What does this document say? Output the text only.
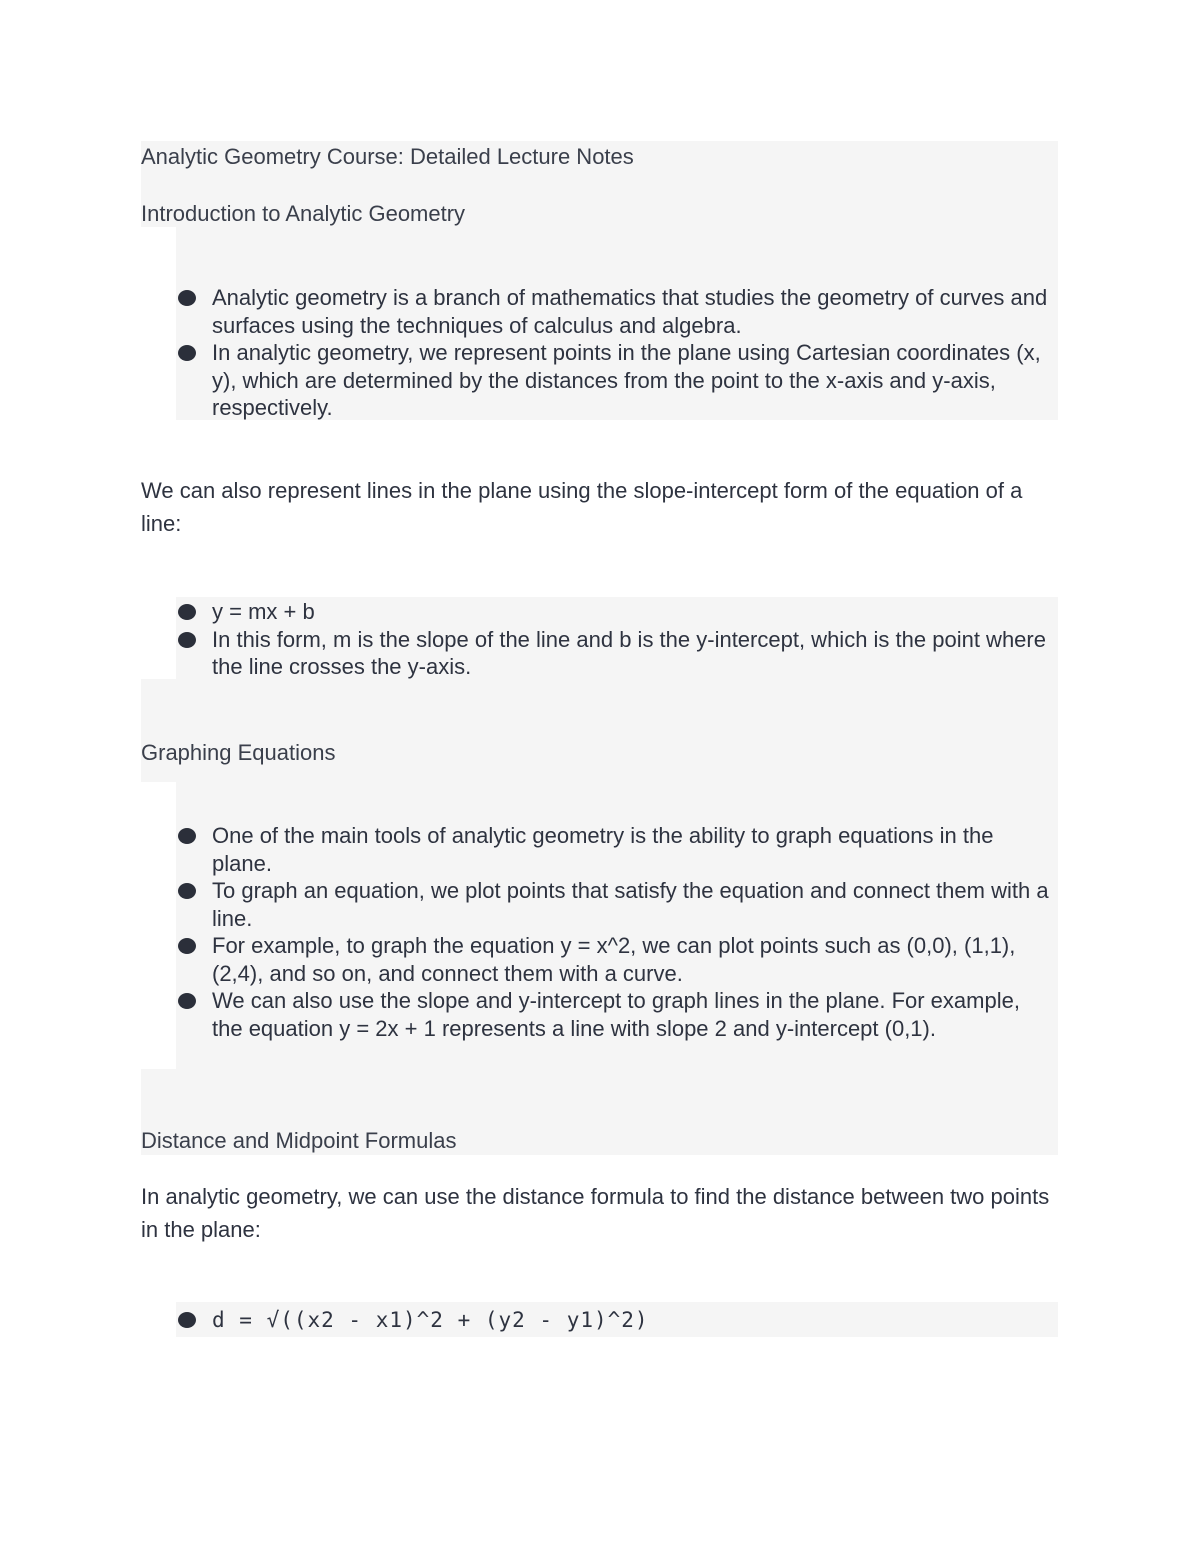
Analytic Geometry Course: Detailed Lecture Notes
Introduction to Analytic Geometry
Analytic geometry is a branch of mathematics that studies the geometry of curves and surfaces using the techniques of calculus and algebra.
In analytic geometry, we represent points in the plane using Cartesian coordinates (x, y), which are determined by the distances from the point to the x-axis and y-axis, respectively.
We can also represent lines in the plane using the slope-intercept form of the equation of a line:
y = mx + b
In this form, m is the slope of the line and b is the y-intercept, which is the point where the line crosses the y-axis.
Graphing Equations
One of the main tools of analytic geometry is the ability to graph equations in the plane.
To graph an equation, we plot points that satisfy the equation and connect them with a line.
For example, to graph the equation y = x^2, we can plot points such as (0,0), (1,1), (2,4), and so on, and connect them with a curve.
We can also use the slope and y-intercept to graph lines in the plane. For example, the equation y = 2x + 1 represents a line with slope 2 and y-intercept (0,1).
Distance and Midpoint Formulas
In analytic geometry, we can use the distance formula to find the distance between two points in the plane:
d = √((x2 - x1)^2 + (y2 - y1)^2)
